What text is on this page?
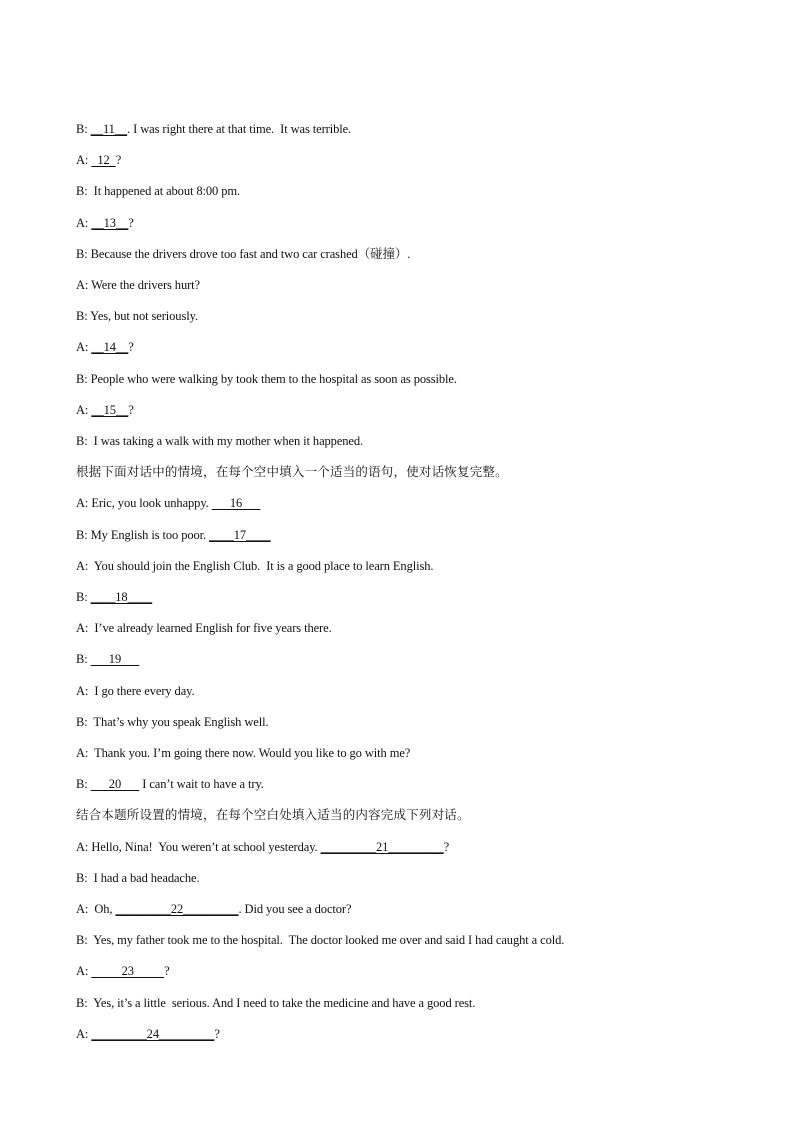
B: __11__. I was right there at that time.  It was terrible.
A:   12  ?
B:  It happened at about 8:00 pm.
A: __13__?
B: Because the drivers drove too fast and two car crashed（碰撞）.
A: Were the drivers hurt?
B: Yes, but not seriously.
A: __14__?
B: People who were walking by took them to the hospital as soon as possible.
A: __15__?
B:  I was taking a walk with my mother when it happened.
根据下面对话中的情境，在每个空中填入一个适当的语句，使对话恢复完整。
A: Eric, you look unhappy.       16
B: My English is too poor. ____17____
A:  You should join the English Club.  It is a good place to learn English.
B: ____18____
A:  I’ve already learned English for five years there.
B:       19
A:  I go there every day.
B:  That’s why you speak English well.
A:  Thank you. I’m going there now. Would you like to go with me?
B:       20       I can’t wait to have a try.
结合本题所设置的情境，在每个空白处填入适当的内容完成下列对话。
A: Hello, Nina!  You weren’t at school yesterday. _________21_________?
B:  I had a bad headache.
A:  Oh, _________22_________. Did you see a doctor?
B:  Yes, my father took me to the hospital.  The doctor looked me over and said I had caught a cold.
A:           23          ?
B:  Yes, it’s a little  serious. And I need to take the medicine and have a good rest.
A: _________24_________?
